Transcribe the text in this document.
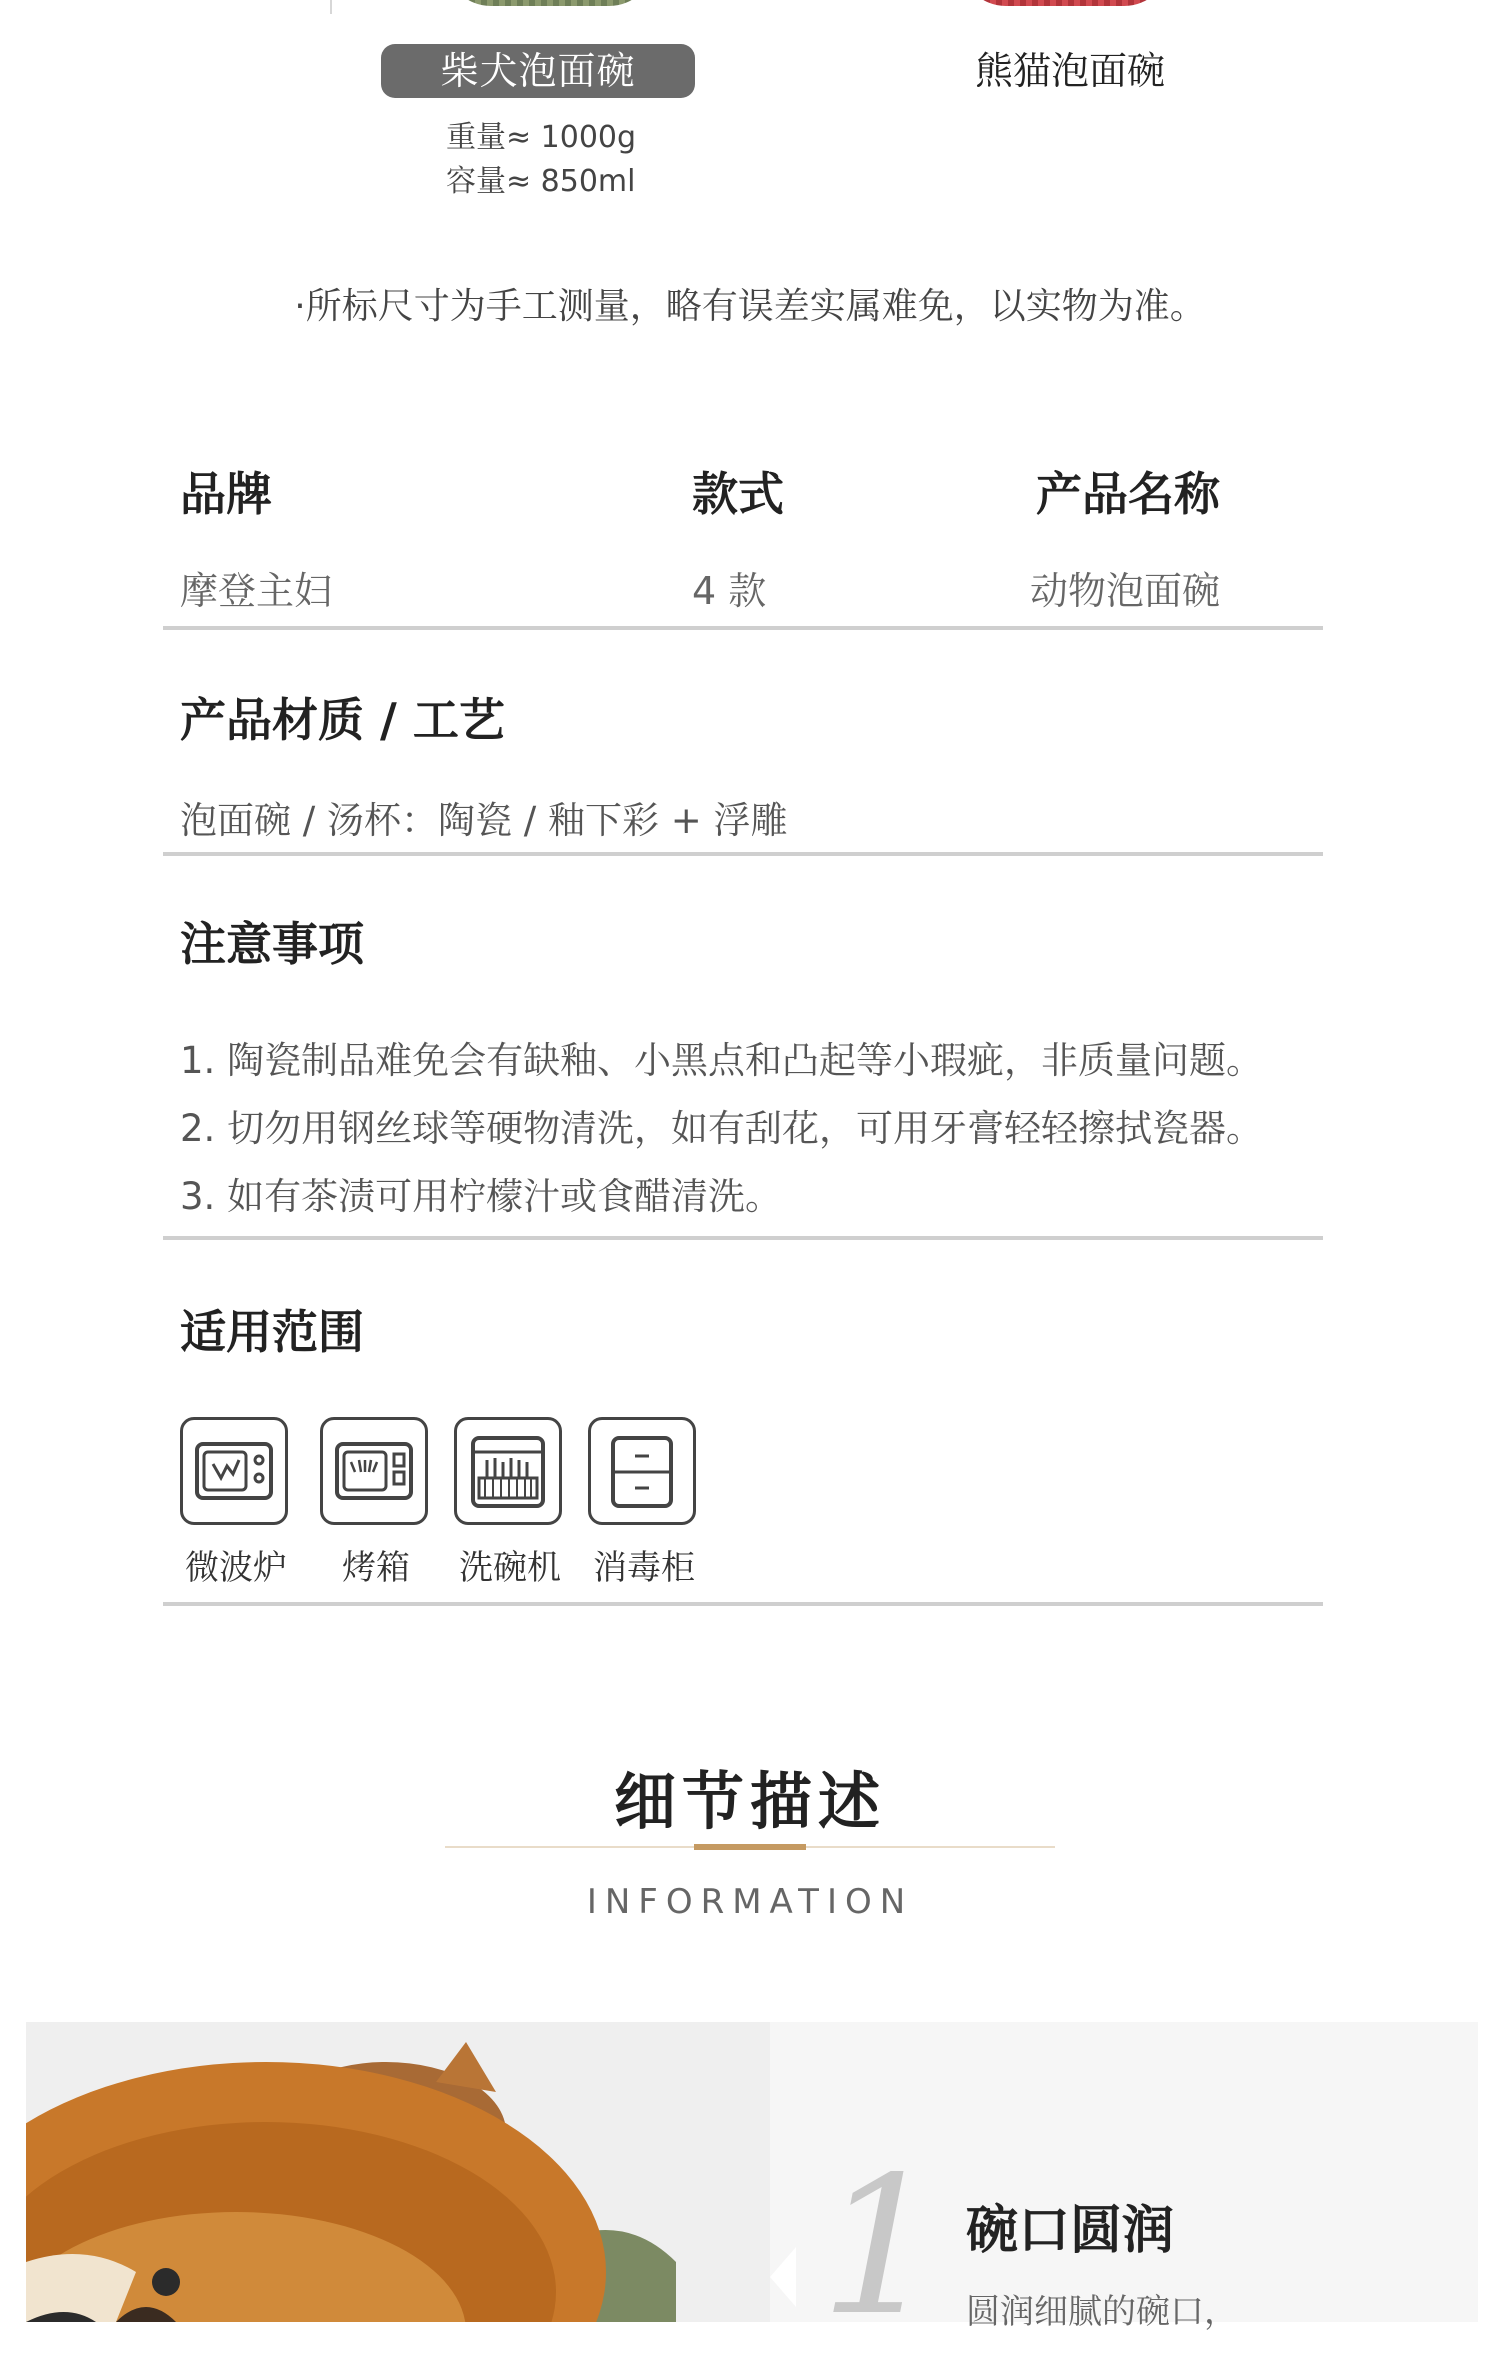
柴犬泡面碗	熊猫泡面碗
重量≈ 1000g
容量≈ 850ml
·所标尺寸为手工测量，略有误差实属难免，以实物为准。
品牌	款式	产品名称
摩登主妇	4 款	动物泡面碗
产品材质 / 工艺
泡面碗 / 汤杯：陶瓷 / 釉下彩 + 浮雕
注意事项
1. 陶瓷制品难免会有缺釉、小黑点和凸起等小瑕疵，非质量问题。
2. 切勿用钢丝球等硬物清洗，如有刮花，可用牙膏轻轻擦拭瓷器。
3. 如有茶渍可用柠檬汁或食醋清洗。
适用范围
微波炉	烤箱	洗碗机 消毒柜
细节描述
INFORMATION
1 碗口圆润
圆润细腻的碗口，
